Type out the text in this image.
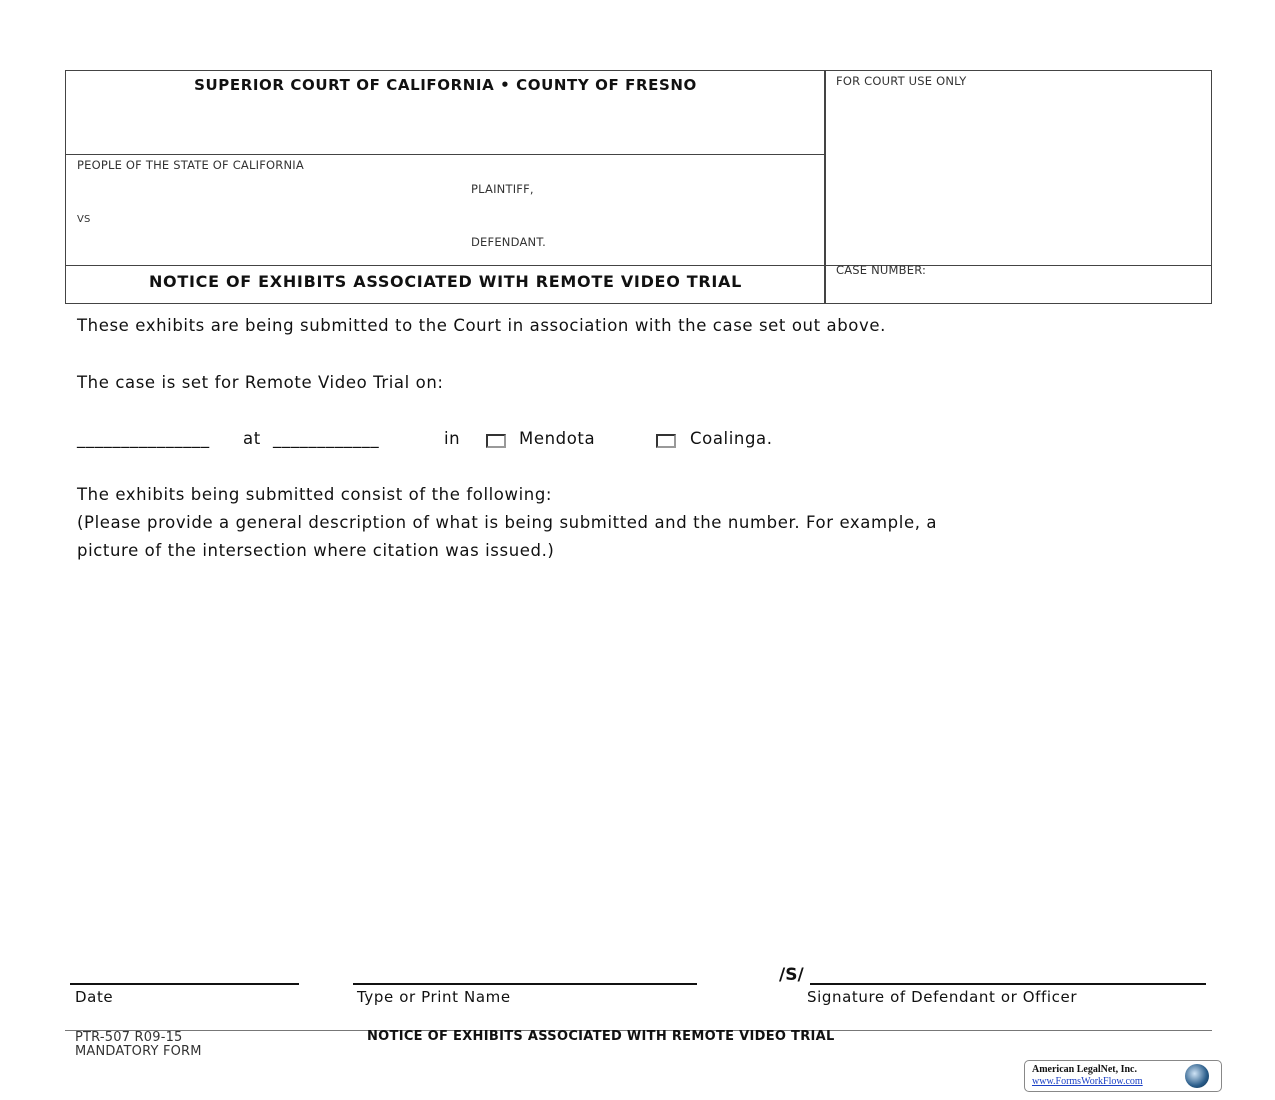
SUPERIOR COURT OF CALIFORNIA • COUNTY OF FRESNO	FOR COURT USE ONLY
PEOPLE OF THE STATE OF CALIFORNIA
PLAINTIFF,
VS
DEFENDANT.
NOTICE OF EXHIBITS ASSOCIATED WITH REMOTE VIDEO TRIAL
CASE NUMBER:
These exhibits are being submitted to the Court in association with the case set out above.
The case is set for Remote Video Trial on:
_______________ at ____________	in	Mendota	Coalinga.
The exhibits being submitted consist of the following:
(Please provide a general description of what is being submitted and the number. For example, a
picture of the intersection where citation was issued.)
/S/
Date	Type or Print Name	Signature of Defendant or Officer
PTR-507 R09-15
MANDATORY FORM
NOTICE OF EXHIBITS ASSOCIATED WITH REMOTE VIDEO TRIAL
American LegalNet, Inc.
www.FormsWorkFlow.com
